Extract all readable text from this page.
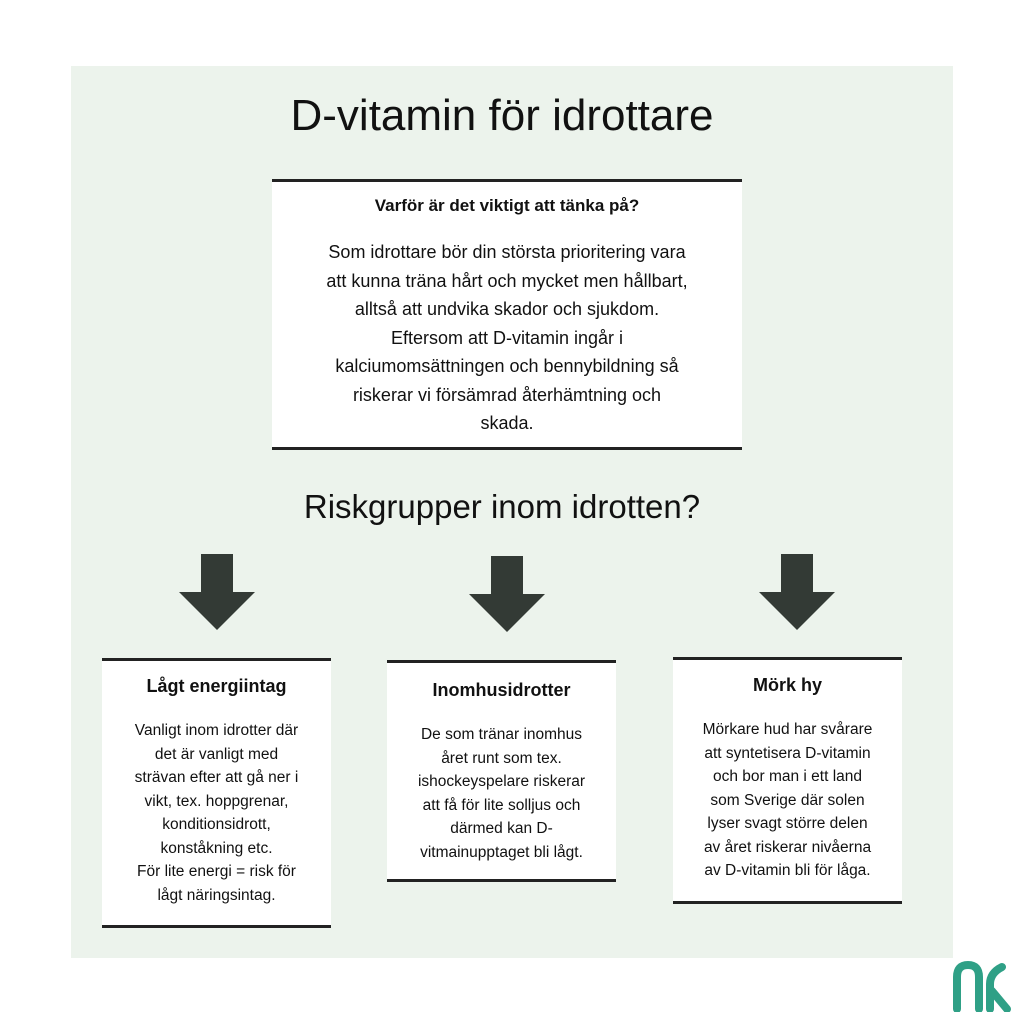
D-vitamin för idrottare

Varför är det viktigt att tänka på?

Som idrottare bör din största prioritering vara
att kunna träna hårt och mycket men hållbart,
alltså att undvika skador och sjukdom.
Eftersom att D-vitamin ingår i
kalciumomsättningen och bennybildning så
riskerar vi försämrad återhämtning och
skada.

Riskgrupper inom idrotten?

Lågt energiintag

Vanligt inom idrotter där
det är vanligt med
strävan efter att gå ner i
vikt, tex. hoppgrenar,
konditionsidrott,
konståkning etc.
För lite energi = risk för
lågt näringsintag.

Inomhusidrotter

De som tränar inomhus
året runt som tex.
ishockeyspelare riskerar
att få för lite solljus och
därmed kan D-
vitmainupptaget bli lågt.

Mörk hy

Mörkare hud har svårare
att syntetisera D-vitamin
och bor man i ett land
som Sverige där solen
lyser svagt större delen
av året riskerar nivåerna
av D-vitamin bli för låga.
